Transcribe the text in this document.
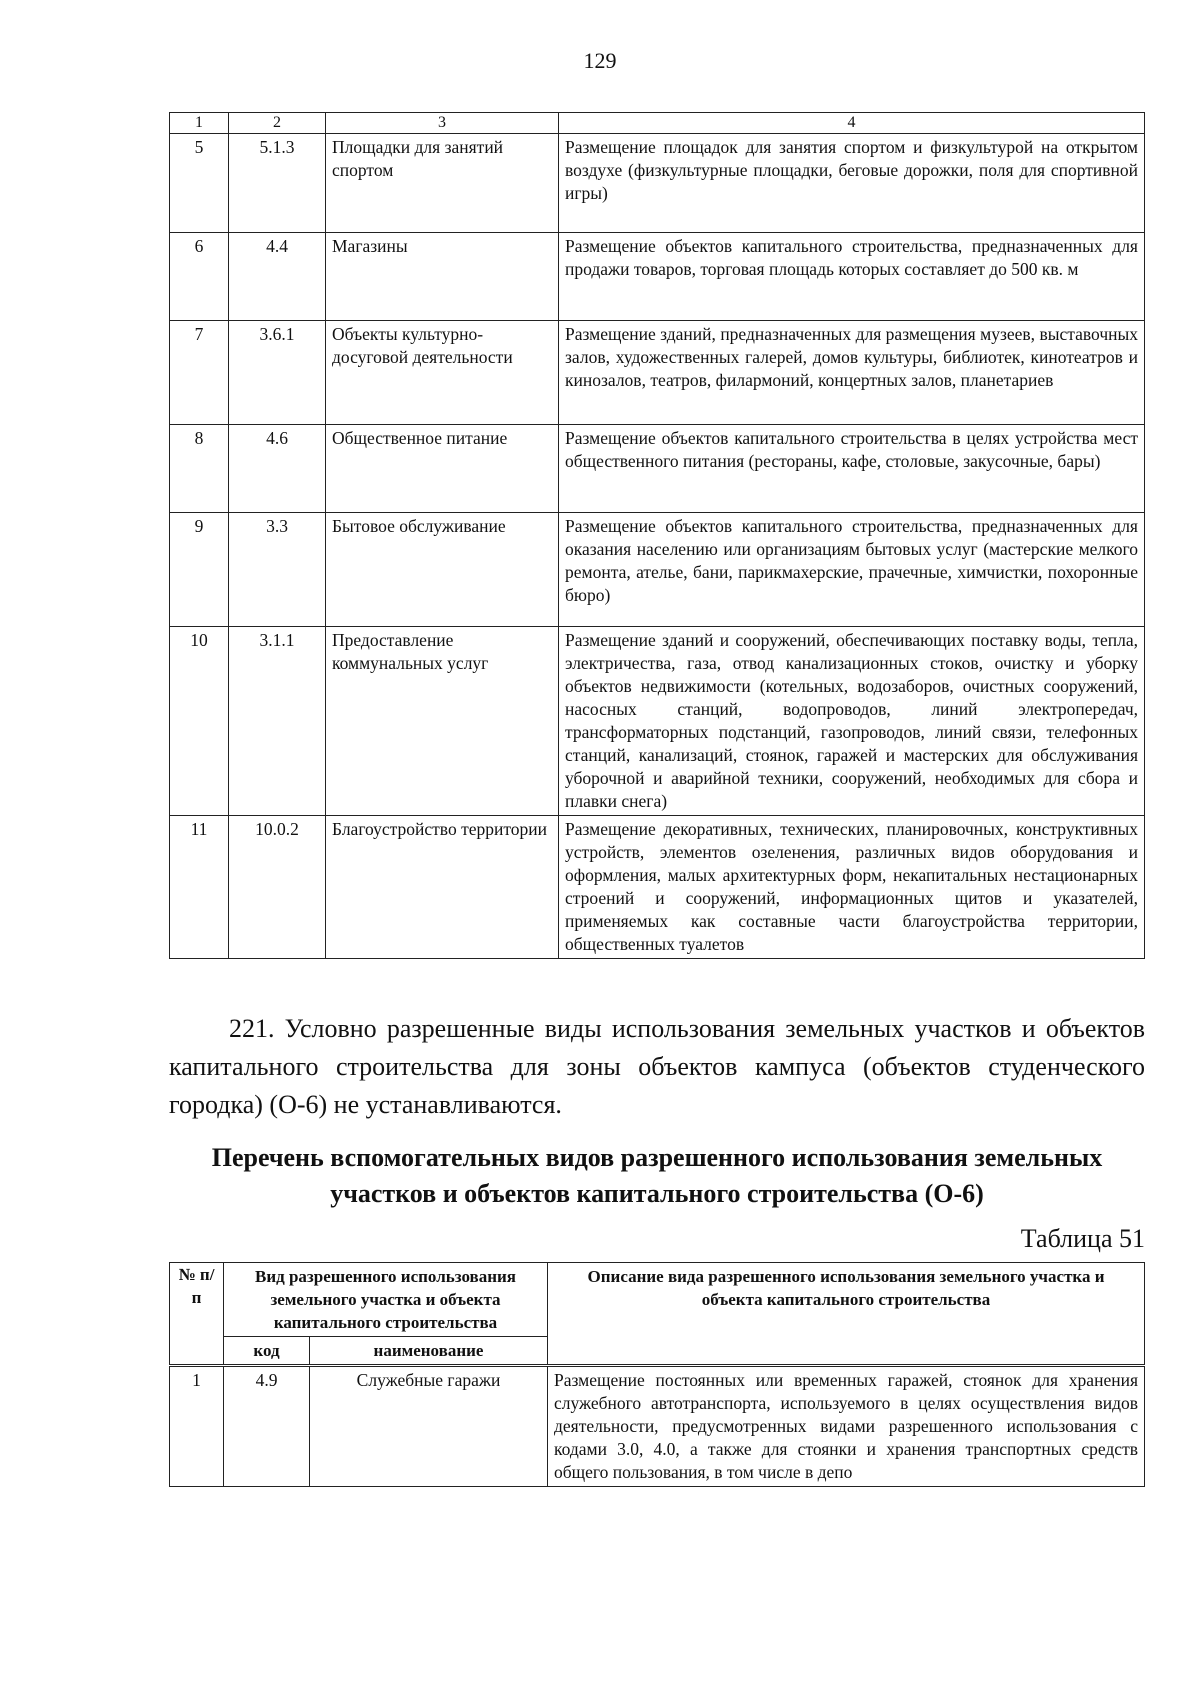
129
1	2	3	4
5	5.1.3	Площадки для занятий спортом	Размещение площадок для занятия спортом и физкультурой на открытом воздухе (физкультурные площадки, беговые дорожки, поля для спортивной игры)
6	4.4	Магазины	Размещение объектов капитального строительства, предназначенных для продажи товаров, торговая площадь которых составляет до 500 кв. м
7	3.6.1	Объекты культурно-досуговой деятельности	Размещение зданий, предназначенных для размещения музеев, выставочных залов, художественных галерей, домов культуры, библиотек, кинотеатров и кинозалов, театров, филармоний, концертных залов, планетариев
8	4.6	Общественное питание	Размещение объектов капитального строительства в целях устройства мест общественного питания (рестораны, кафе, столовые, закусочные, бары)
9	3.3	Бытовое обслуживание	Размещение объектов капитального строительства, предназначенных для оказания населению или организациям бытовых услуг (мастерские мелкого ремонта, ателье, бани, парикмахерские, прачечные, химчистки, похоронные бюро)
10	3.1.1	Предоставление коммунальных услуг	Размещение зданий и сооружений, обеспечивающих поставку воды, тепла, электричества, газа, отвод канализационных стоков, очистку и уборку объектов недвижимости (котельных, водозаборов, очистных сооружений, насосных станций, водопроводов, линий электропередач, трансформаторных подстанций, газопроводов, линий связи, телефонных станций, канализаций, стоянок, гаражей и мастерских для обслуживания уборочной и аварийной техники, сооружений, необходимых для сбора и плавки снега)
11	10.0.2	Благоустройство территории	Размещение декоративных, технических, планировочных, конструктивных устройств, элементов озеленения, различных видов оборудования и оформления, малых архитектурных форм, некапитальных нестационарных строений и сооружений, информационных щитов и указателей, применяемых как составные части благоустройства территории, общественных туалетов

221. Условно разрешенные виды использования земельных участков и объектов капитального строительства для зоны объектов кампуса (объектов студенческого городка) (О-6) не устанавливаются.

Перечень вспомогательных видов разрешенного использования земельных участков и объектов капитального строительства (О-6)

Таблица 51
№ п/п	Вид разрешенного использования земельного участка и объекта капитального строительства		Описание вида разрешенного использования земельного участка и объекта капитального строительства
	код	наименование	
1	4.9	Служебные гаражи	Размещение постоянных или временных гаражей, стоянок для хранения служебного автотранспорта, используемого в целях осуществления видов деятельности, предусмотренных видами разрешенного использования с кодами 3.0, 4.0, а также для стоянки и хранения транспортных средств общего пользования, в том числе в депо
